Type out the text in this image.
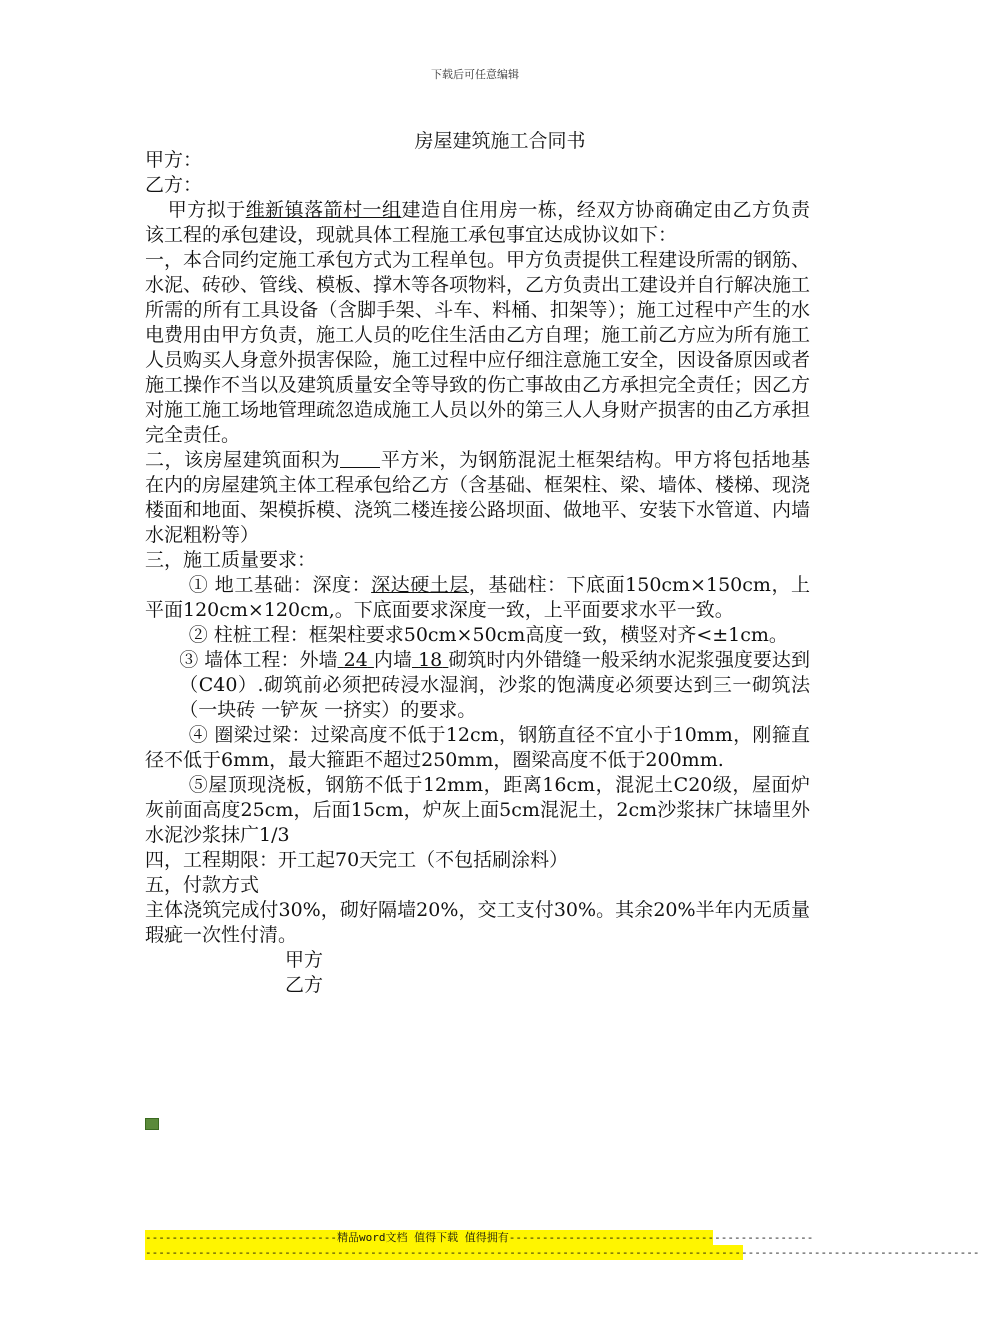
下载后可任意编辑
房屋建筑施工合同书

甲方：

乙方：

甲方拟于维新镇落箭村一组建造自住用房一栋，经双方协商确定由乙方负责该工程的承包建设，现就具体工程施工承包事宜达成协议如下：

一，本合同约定施工承包方式为工程单包。甲方负责提供工程建设所需的钢筋、水泥、砖砂、管线、模板、撑木等各项物料，乙方负责出工建设并自行解决施工所需的所有工具设备（含脚手架、斗车、料桶、扣架等）；施工过程中产生的水电费用由甲方负责，施工人员的吃住生活由乙方自理；施工前乙方应为所有施工人员购买人身意外损害保险，施工过程中应仔细注意施工安全，因设备原因或者施工操作不当以及建筑质量安全等导致的伤亡事故由乙方承担完全责任；因乙方对施工施工场地管理疏忽造成施工人员以外的第三人人身财产损害的由乙方承担完全责任。

二，该房屋建筑面积为 平方米，为钢筋混泥土框架结构。甲方将包括地基在内的房屋建筑主体工程承包给乙方（含基础、框架柱、梁、墙体、楼梯、现浇楼面和地面、架模拆模、浇筑二楼连接公路坝面、做地平、安装下水管道、内墙水泥粗粉等）

三，施工质量要求：

① 地工基础：深度：深达硬土层，基础柱：下底面150cm×150cm，上平面120cm×120cm,。下底面要求深度一致，上平面要求水平一致。

② 柱桩工程：框架柱要求50cm×50cm高度一致，横竖对齐<±1cm。

③ 墙体工程：外墙 24 内墙 18 砌筑时内外错缝一般采纳水泥浆强度要达到（C40）.砌筑前必须把砖浸水湿润，沙浆的饱满度必须要达到三一砌筑法（一块砖 一铲灰 一挤实）的要求。

④ 圈梁过梁：过梁高度不低于12cm，钢筋直径不宜小于10mm，刚箍直径不低于6mm，最大箍距不超过250mm，圈梁高度不低于200mm.

⑤屋顶现浇板，钢筋不低于12mm，距离16cm，混泥土C20级，屋面炉灰前面高度25cm，后面15cm，炉灰上面5cm混泥土，2cm沙浆抹广抹墙里外水泥沙浆抹广1/3

四，工程期限：开工起70天完工（不包括刷涂料）

五，付款方式

主体浇筑完成付30%，砌好隔墙20%，交工支付30%。其余20%半年内无质量瑕疵一次性付清。

甲方

乙方

-----------------------------精品word文档 值得下载 值得拥有----------------------------------------------
------------------------------------------------------------------------------------------------------------------------------
